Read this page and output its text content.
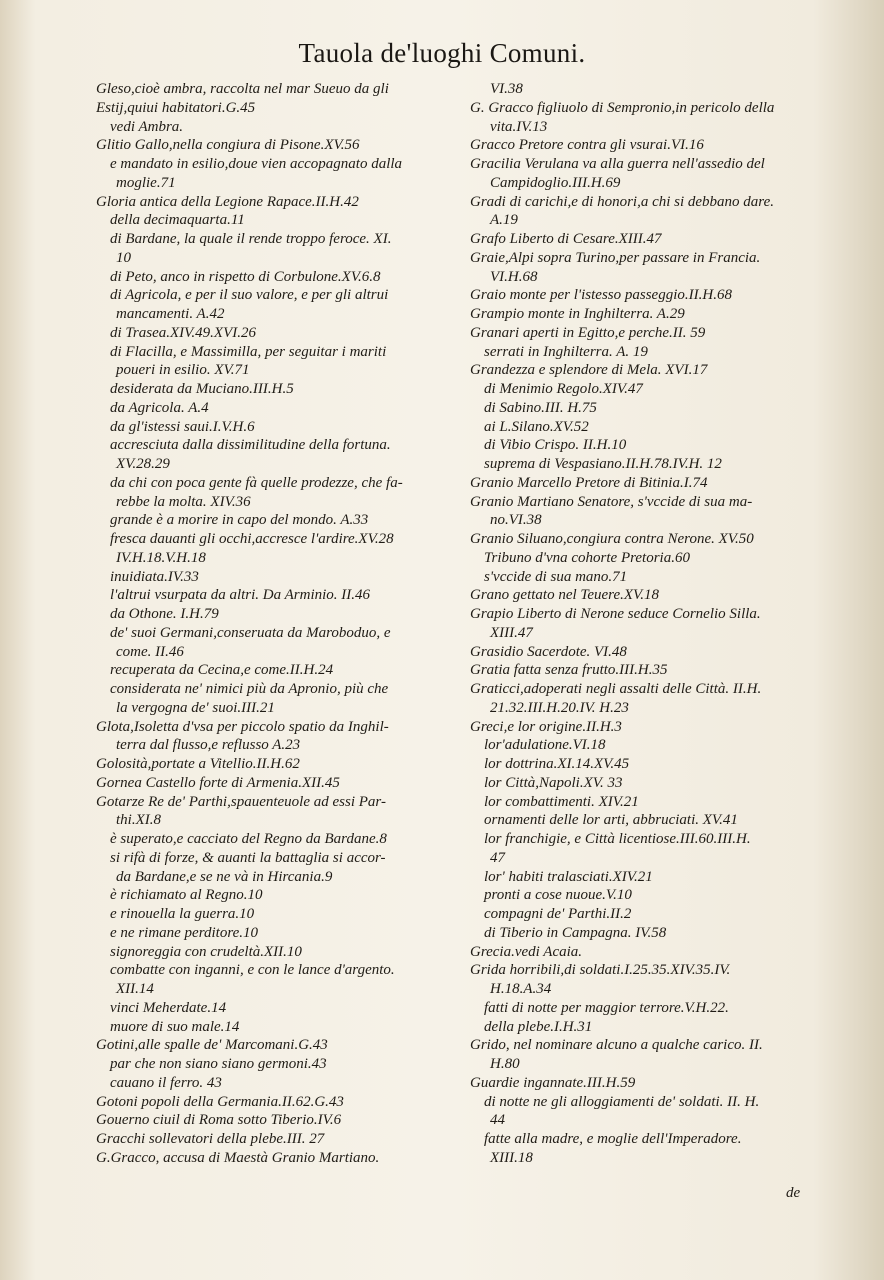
Tauola de'luoghi Comuni.
Gleso,cioè ambra, raccolta nel mar Sueuo da gli
Estij,quiui habitatori.G.45
vedi Ambra.
Glitio Gallo,nella congiura di Pisone.XV.56
e mandato in esilio,doue vien accopagnato dalla
moglie.71
Gloria antica della Legione Rapace.II.H.42
della decimaquarta.11
di Bardane, la quale il rende troppo feroce. XI.
10
di Peto, anco in rispetto di Corbulone.XV.6.8
di Agricola, e per il suo valore, e per gli altrui
mancamenti. A.42
di Trasea.XIV.49.XVI.26
di Flacilla, e Massimilla, per seguitar i mariti
poueri in esilio. XV.71
desiderata da Muciano.III.H.5
da Agricola. A.4
da gl'istessi saui.I.V.H.6
accresciuta dalla dissimilitudine della fortuna.
XV.28.29
da chi con poca gente fà quelle prodezze, che fa-
rebbe la molta. XIV.36
grande è a morire in capo del mondo. A.33
fresca dauanti gli occhi,accresce l'ardire.XV.28
IV.H.18.V.H.18
inuidiata.IV.33
l'altrui vsurpata da altri. Da Arminio. II.46
da Othone. I.H.79
de' suoi Germani,conseruata da Maroboduo, e
come. II.46
recuperata da Cecina,e come.II.H.24
considerata ne' nimici più da Apronio, più che
la vergogna de' suoi.III.21
Glota,Isoletta d'vsa per piccolo spatio da Inghil-
terra dal flusso,e reflusso A.23
Golosità,portate a Vitellio.II.H.62
Gornea Castello forte di Armenia.XII.45
Gotarze Re de' Parthi,spauenteuole ad essi Par-
thi.XI.8
è superato,e cacciato del Regno da Bardane.8
si rifà di forze, & auanti la battaglia si accor-
da Bardane,e se ne và in Hircania.9
è richiamato al Regno.10
e rinouella la guerra.10
e ne rimane perditore.10
signoreggia con crudeltà.XII.10
combatte con inganni, e con le lance d'argento.
XII.14
vinci Meherdate.14
muore di suo male.14
Gotini,alle spalle de' Marcomani.G.43
par che non siano siano germoni.43
cauano il ferro. 43
Gotoni popoli della Germania.II.62.G.43
Gouerno ciuil di Roma sotto Tiberio.IV.6
Gracchi sollevatori della plebe.III. 27
G.Gracco, accusa di Maestà Granio Martiano.
VI.38
G. Gracco figliuolo di Sempronio,in pericolo della
vita.IV.13
Gracco Pretore contra gli vsurai.VI.16
Gracilia Verulana va alla guerra nell'assedio del
Campidoglio.III.H.69
Gradi di carichi,e di honori,a chi si debbano dare.
A.19
Grafo Liberto di Cesare.XIII.47
Graie,Alpi sopra Turino,per passare in Francia.
VI.H.68
Graio monte per l'istesso passeggio.II.H.68
Grampio monte in Inghilterra. A.29
Granari aperti in Egitto,e perche.II. 59
serrati in Inghilterra. A. 19
Grandezza e splendore di Mela. XVI.17
di Menimio Regolo.XIV.47
di Sabino.III. H.75
ai L.Silano.XV.52
di Vibio Crispo. II.H.10
suprema di Vespasiano.II.H.78.IV.H. 12
Granio Marcello Pretore di Bitinia.I.74
Granio Martiano Senatore, s'vccide di sua ma-
no.VI.38
Granio Siluano,congiura contra Nerone. XV.50
Tribuno d'vna cohorte Pretoria.60
s'vccide di sua mano.71
Grano gettato nel Teuere.XV.18
Grapio Liberto di Nerone seduce Cornelio Silla.
XIII.47
Grasidio Sacerdote. VI.48
Gratia fatta senza frutto.III.H.35
Graticci,adoperati negli assalti delle Città. II.H.
21.32.III.H.20.IV. H.23
Greci,e lor origine.II.H.3
lor'adulatione.VI.18
lor dottrina.XI.14.XV.45
lor Città,Napoli.XV. 33
lor combattimenti. XIV.21
ornamenti delle lor arti, abbruciati. XV.41
lor franchigie, e Città licentiose.III.60.III.H.
47
lor' habiti tralasciati.XIV.21
pronti a cose nuoue.V.10
compagni de' Parthi.II.2
di Tiberio in Campagna. IV.58
Grecia.vedi Acaia.
Grida horribili,di soldati.I.25.35.XIV.35.IV.
H.18.A.34
fatti di notte per maggior terrore.V.H.22.
della plebe.I.H.31
Grido, nel nominare alcuno a qualche carico. II.
H.80
Guardie ingannate.III.H.59
di notte ne gli alloggiamenti de' soldati. II. H.
44
fatte alla madre, e moglie dell'Imperadore.
XIII.18
de
